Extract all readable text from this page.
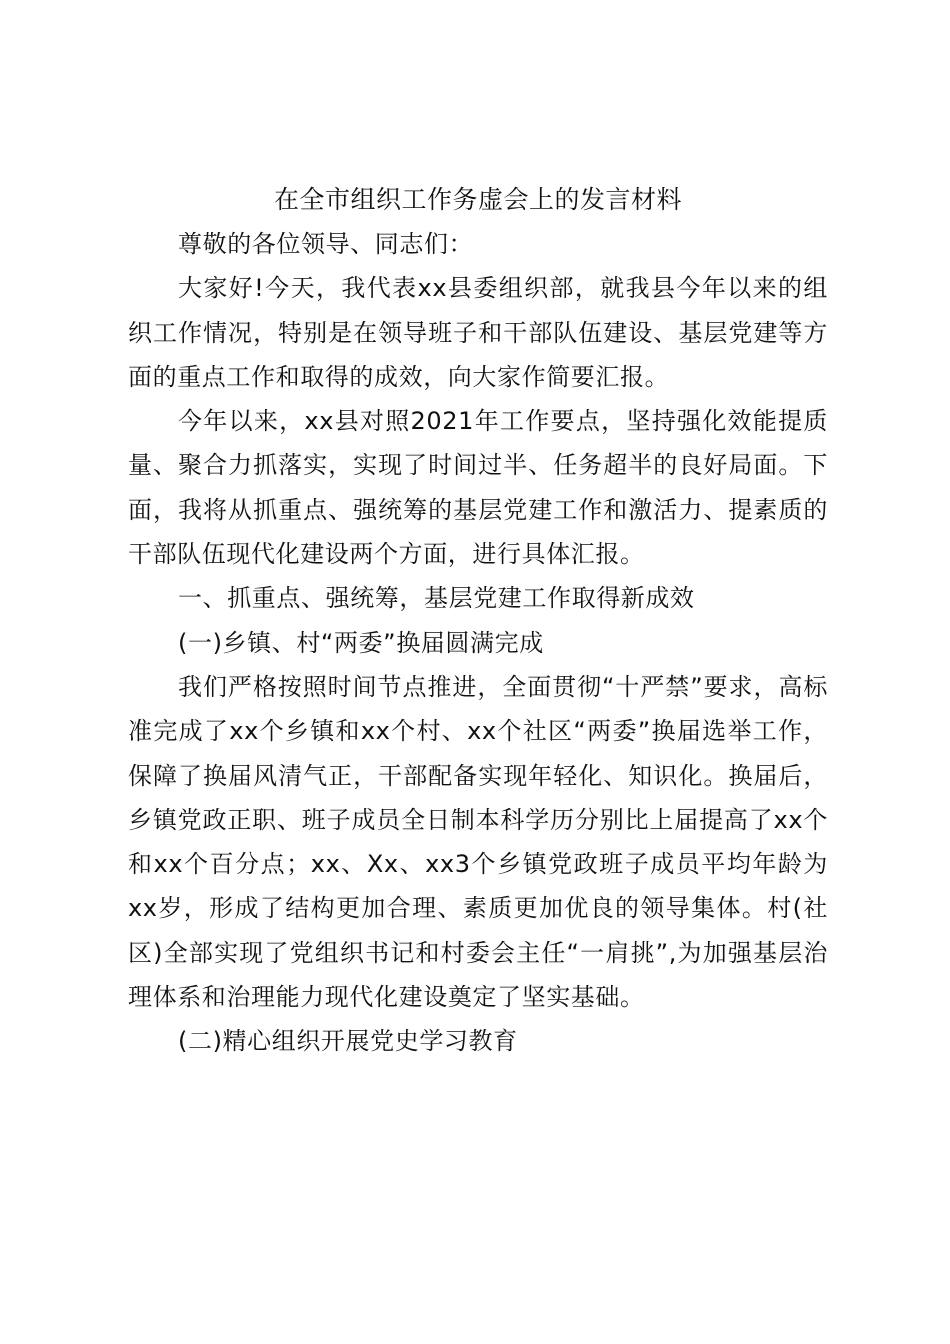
在全市组织工作务虚会上的发言材料

尊敬的各位领导、同志们：

大家好!今天，我代表xx县委组织部，就我县今年以来的组织工作情况，特别是在领导班子和干部队伍建设、基层党建等方面的重点工作和取得的成效，向大家作简要汇报。

今年以来，xx县对照2021年工作要点，坚持强化效能提质量、聚合力抓落实，实现了时间过半、任务超半的良好局面。下面，我将从抓重点、强统筹的基层党建工作和激活力、提素质的干部队伍现代化建设两个方面，进行具体汇报。

一、抓重点、强统筹，基层党建工作取得新成效

(一)乡镇、村“两委”换届圆满完成

我们严格按照时间节点推进，全面贯彻“十严禁”要求，高标准完成了xx个乡镇和xx个村、xx个社区“两委”换届选举工作，保障了换届风清气正，干部配备实现年轻化、知识化。换届后，乡镇党政正职、班子成员全日制本科学历分别比上届提高了xx个和xx个百分点；xx、Xx、xx3个乡镇党政班子成员平均年龄为xx岁，形成了结构更加合理、素质更加优良的领导集体。村(社区)全部实现了党组织书记和村委会主任“一肩挑”,为加强基层治理体系和治理能力现代化建设奠定了坚实基础。

(二)精心组织开展党史学习教育
